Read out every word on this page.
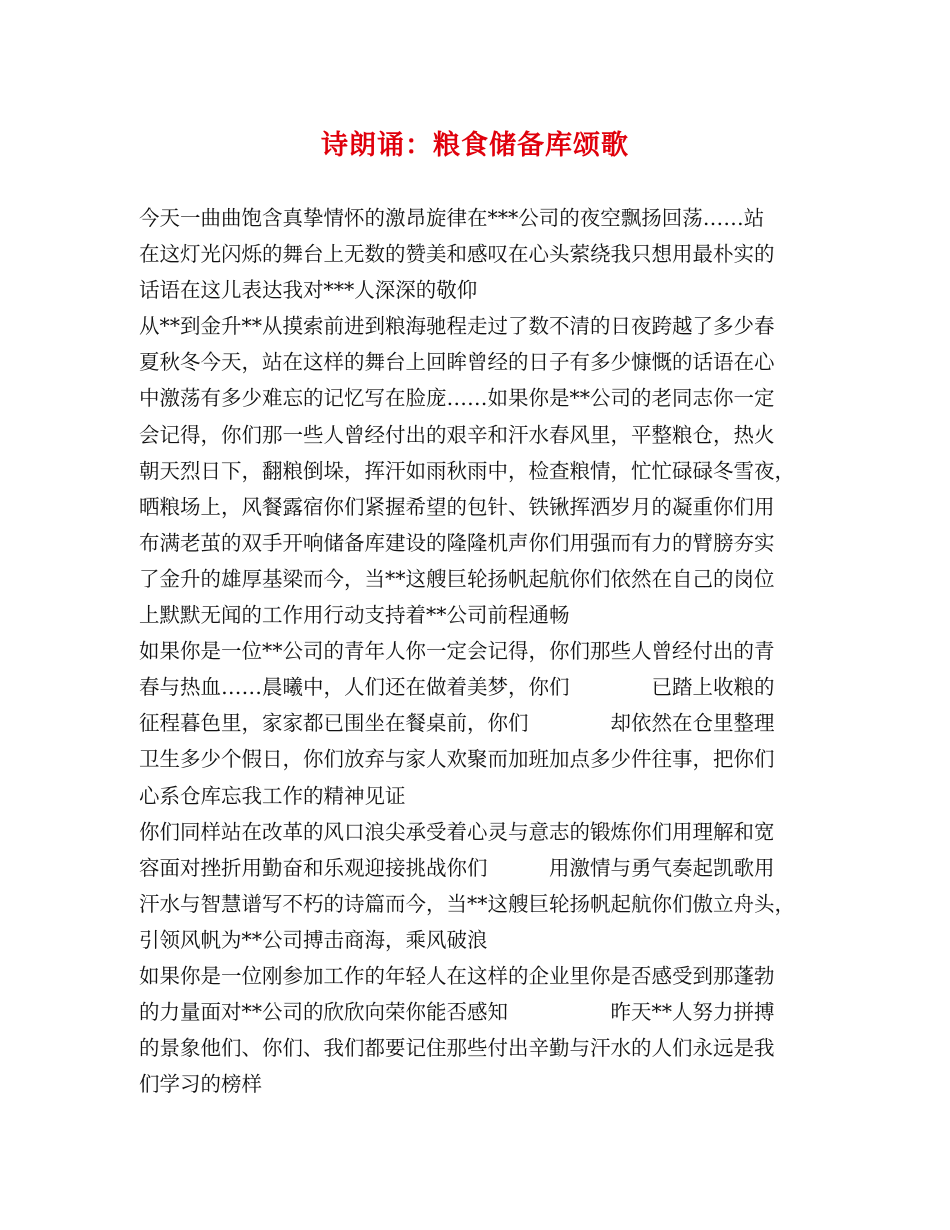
诗朗诵：粮食储备库颂歌
今天一曲曲饱含真挚情怀的激昂旋律在***公司的夜空飘扬回荡……站
在这灯光闪烁的舞台上无数的赞美和感叹在心头萦绕我只想用最朴实的
话语在这儿表达我对***人深深的敬仰
从**到金升**从摸索前进到粮海驰程走过了数不清的日夜跨越了多少春
夏秋冬今天，站在这样的舞台上回眸曾经的日子有多少慷慨的话语在心
中激荡有多少难忘的记忆写在脸庞……如果你是**公司的老同志你一定
会记得，你们那一些人曾经付出的艰辛和汗水春风里，平整粮仓，热火
朝天烈日下，翻粮倒垛，挥汗如雨秋雨中，检查粮情，忙忙碌碌冬雪夜，
晒粮场上，风餐露宿你们紧握希望的包针、铁锹挥洒岁月的凝重你们用
布满老茧的双手开响储备库建设的隆隆机声你们用强而有力的臂膀夯实
了金升的雄厚基梁而今，当**这艘巨轮扬帆起航你们依然在自己的岗位
上默默无闻的工作用行动支持着**公司前程通畅
如果你是一位**公司的青年人你一定会记得，你们那些人曾经付出的青
春与热血……晨曦中，人们还在做着美梦，你们　　　　已踏上收粮的
征程暮色里，家家都已围坐在餐桌前，你们　　　　却依然在仓里整理
卫生多少个假日，你们放弃与家人欢聚而加班加点多少件往事，把你们
心系仓库忘我工作的精神见证
你们同样站在改革的风口浪尖承受着心灵与意志的锻炼你们用理解和宽
容面对挫折用勤奋和乐观迎接挑战你们　　　用激情与勇气奏起凯歌用
汗水与智慧谱写不朽的诗篇而今，当**这艘巨轮扬帆起航你们傲立舟头，
引领风帆为**公司搏击商海，乘风破浪
如果你是一位刚参加工作的年轻人在这样的企业里你是否感受到那蓬勃
的力量面对**公司的欣欣向荣你能否感知　　　　　昨天**人努力拼搏
的景象他们、你们、我们都要记住那些付出辛勤与汗水的人们永远是我
们学习的榜样
